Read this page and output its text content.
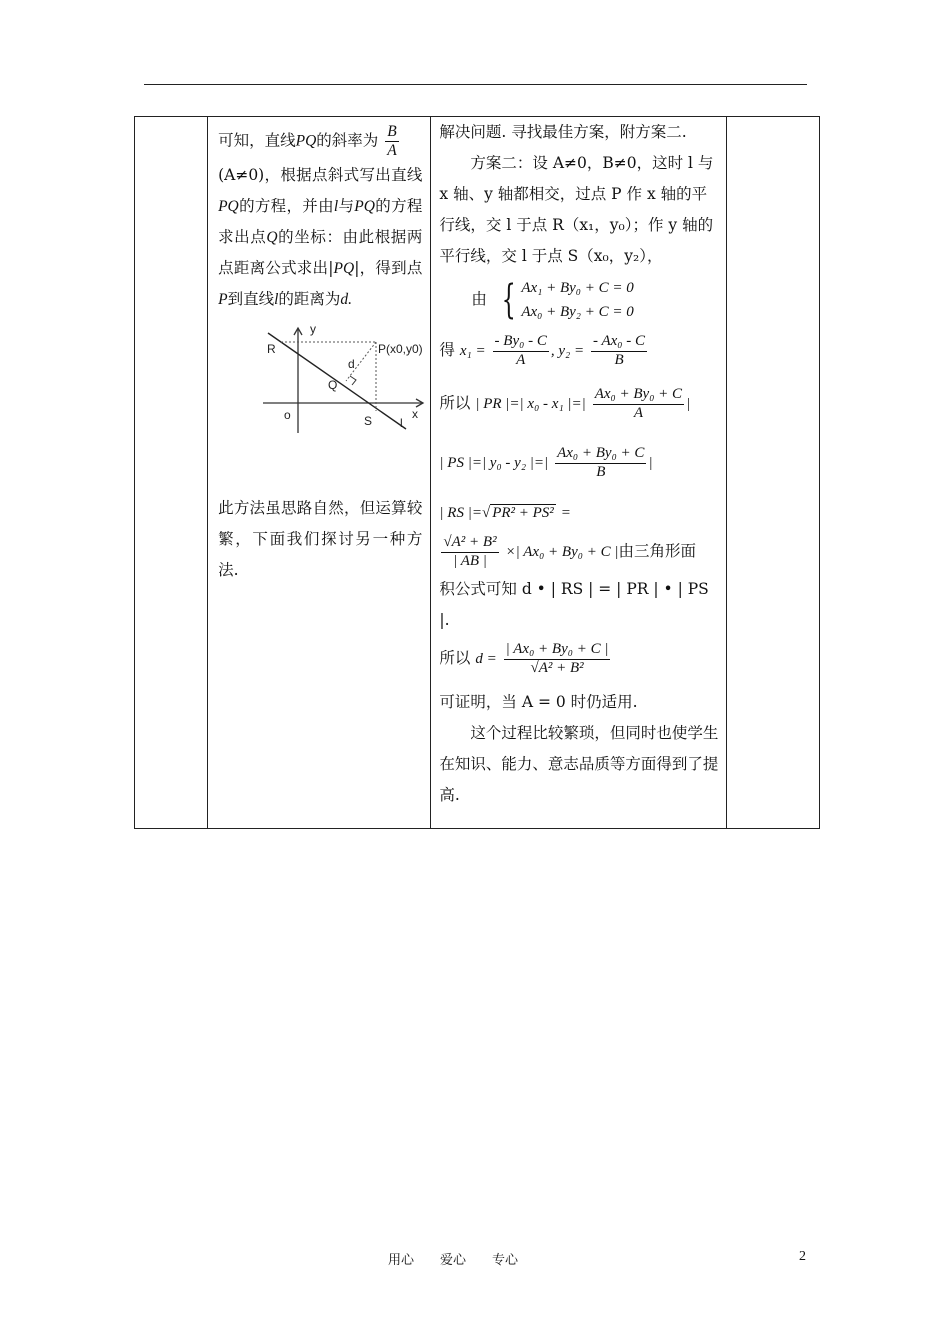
可知，直线PQ的斜率为 $\frac{B}{A}$

(A≠0)，根据点斜式写出直线PQ的方程，并由l与PQ的方程求出点Q的坐标：由此根据两点距离公式求出|PQ|，得到点P到直线l的距离为d.
y
x
R	P(x0,y0)
d
Q
o	S l
此方法虽思路自然，但运算较繁，下面我们探讨另一种方法.

解决问题. 寻找最佳方案，附方案二.
方案二：设 A≠0，B≠0，这时 l 与 x 轴、y 轴都相交，过点 P 作 x 轴的平行线，交 l 于点 R（x₁，y₀）；作 y 轴的平行线，交 l 于点 S（x₀，y₂），
由 { Ax₁ + By₀ + C = 0
Ax₀ + By₂ + C = 0
得 $x_1 = \frac{\text{- By₀ - C}}{A}$ , $y_2 = \frac{\text{- Ax₀ - C}}{B}$
所以 | PR |=| x₀ - x₁ |=| $\frac{\text{Ax₀ + By₀ + C}}{A}$ |
| PS |=| y₀ - y₂ |=| $\frac{\text{Ax₀ + By₀ + C}}{B}$ |
| RS |=√ PR² + PS² =
$\frac{\text{√A² + B²}}{| AB |}$ ×| Ax₀ + By₀ + C |由三角形面
积公式可知 d • | RS | = | PR | • | PS |.
所以 $d = \frac{\text{| Ax₀ + By₀ + C |}}{\text{√A² + B²}}$
可证明，当 A = 0 时仍适用.
这个过程比较繁琐，但同时也使学生在知识、能力、意志品质等方面得到了提高.

用心　　爱心　　专心	2
